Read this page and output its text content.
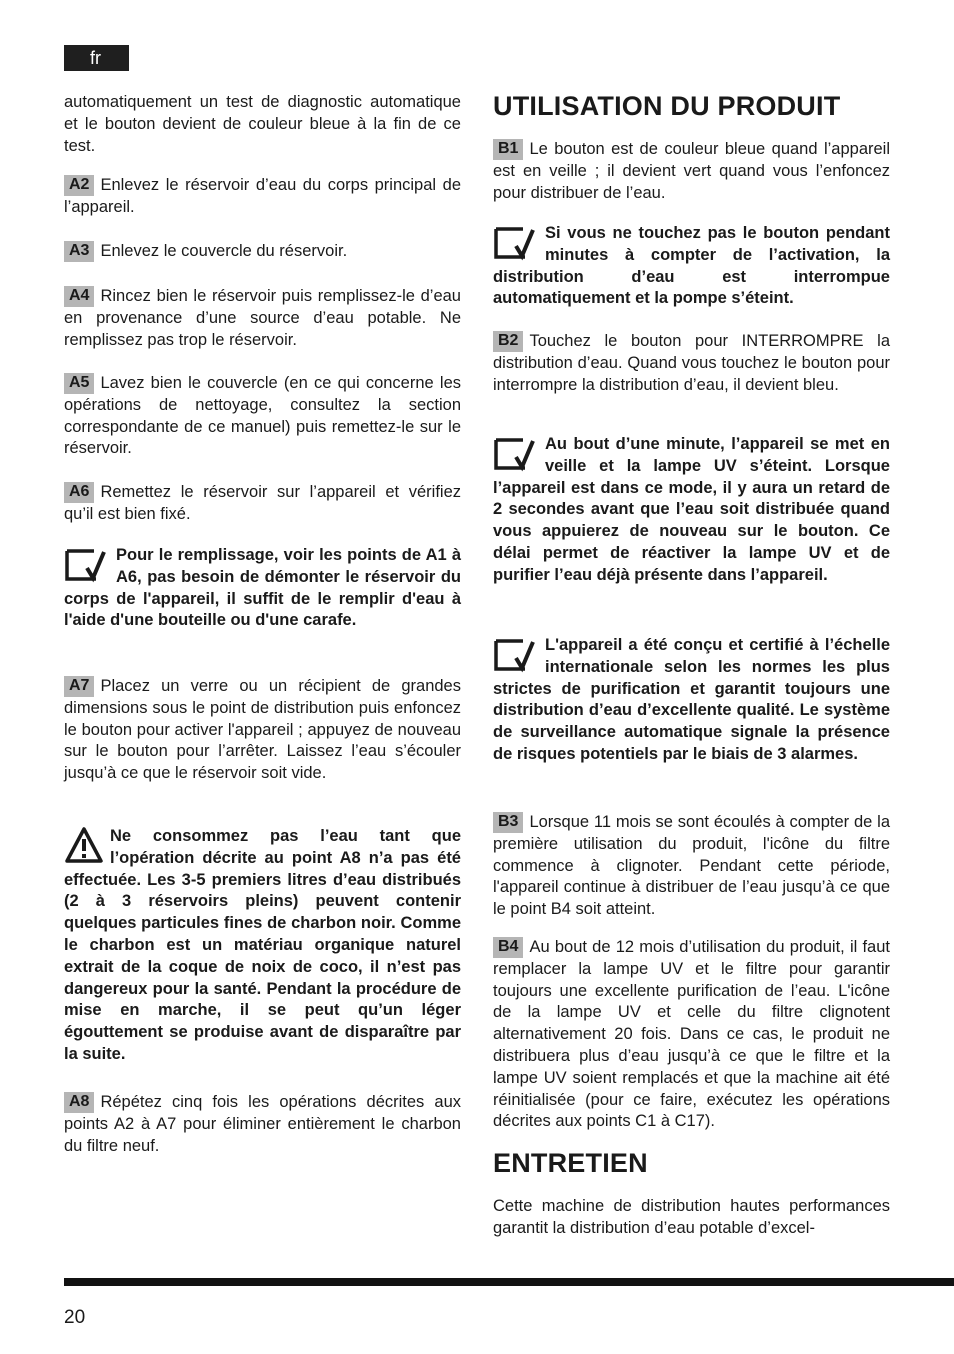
fr
automatiquement un test de diagnostic automatique et le bouton devient de couleur bleue à la fin de ce test.
A2 Enlevez le réservoir d’eau du corps principal de l’appareil.
A3 Enlevez le couvercle du réservoir.
A4 Rincez bien le réservoir puis remplissez-le d’eau en provenance d’une source d’eau potable. Ne remplissez pas trop le réservoir.
A5 Lavez bien le couvercle (en ce qui concerne les opérations de nettoyage, consultez la section correspondante de ce manuel) puis remettez-le sur le réservoir.
A6 Remettez le réservoir sur l’appareil et vérifiez qu’il est bien fixé.
Pour le remplissage, voir les points de A1 à A6, pas besoin de démonter le réservoir du corps de l'appareil, il suffit de le remplir d'eau à l'aide d'une bouteille ou d'une carafe.
A7 Placez un verre ou un récipient de grandes dimensions sous le point de distribution puis enfoncez le bouton pour activer l'appareil ; appuyez de nouveau sur le bouton pour l’arrêter. Laissez l’eau s’écouler jusqu’à ce que le réservoir soit vide.
Ne consommez pas l’eau tant que l’opération décrite au point A8 n’a pas été effectuée. Les 3-5 premiers litres d’eau distribués (2 à 3 réservoirs pleins) peuvent contenir quelques particules fines de charbon noir. Comme le charbon est un matériau organique naturel extrait de la coque de noix de coco, il n’est pas dangereux pour la santé. Pendant la procédure de mise en marche, il se peut qu’un léger égouttement se produise avant de disparaître par la suite.
A8 Répétez cinq fois les opérations décrites aux points A2 à A7 pour éliminer entièrement le charbon du filtre neuf.
UTILISATION DU PRODUIT
B1 Le bouton est de couleur bleue quand l’appareil est en veille ; il devient vert quand vous l’enfoncez pour distribuer de l’eau.
Si vous ne touchez pas le bouton pendant minutes à compter de l’activation, la distribution d’eau est interrompue automatiquement et la pompe s’éteint.
B2 Touchez le bouton pour INTERROMPRE la distribution d’eau. Quand vous touchez le bouton pour interrompre la distribution d’eau, il devient bleu.
Au bout d’une minute, l’appareil se met en veille et la lampe UV s’éteint. Lorsque l’appareil est dans ce mode, il y aura un retard de 2 secondes avant que l’eau soit distribuée quand vous appuierez de nouveau sur le bouton. Ce délai permet de réactiver la lampe UV et de purifier l’eau déjà présente dans l’appareil.
L'appareil a été conçu et certifié à l’échelle internationale selon les normes les plus strictes de purification et garantit toujours une distribution d’eau d’excellente qualité. Le système de surveillance automatique signale la présence de risques potentiels par le biais de 3 alarmes.
B3 Lorsque 11 mois se sont écoulés à compter de la première utilisation du produit, l'icône du filtre commence à clignoter. Pendant cette période, l'appareil continue à distribuer de l’eau jusqu’à ce que le point B4 soit atteint.
B4 Au bout de 12 mois d’utilisation du produit, il faut remplacer la lampe UV et le filtre pour garantir toujours une excellente purification de l’eau. L'icône de la lampe UV et celle du filtre clignotent alternativement 20 fois. Dans ce cas, le produit ne distribuera plus d’eau jusqu’à ce que le filtre et la lampe UV soient remplacés et que la machine ait été réinitialisée (pour ce faire, exécutez les opérations décrites aux points C1 à C17).
ENTRETIEN
Cette machine de distribution hautes performances garantit la distribution d’eau potable d’excel-
20
